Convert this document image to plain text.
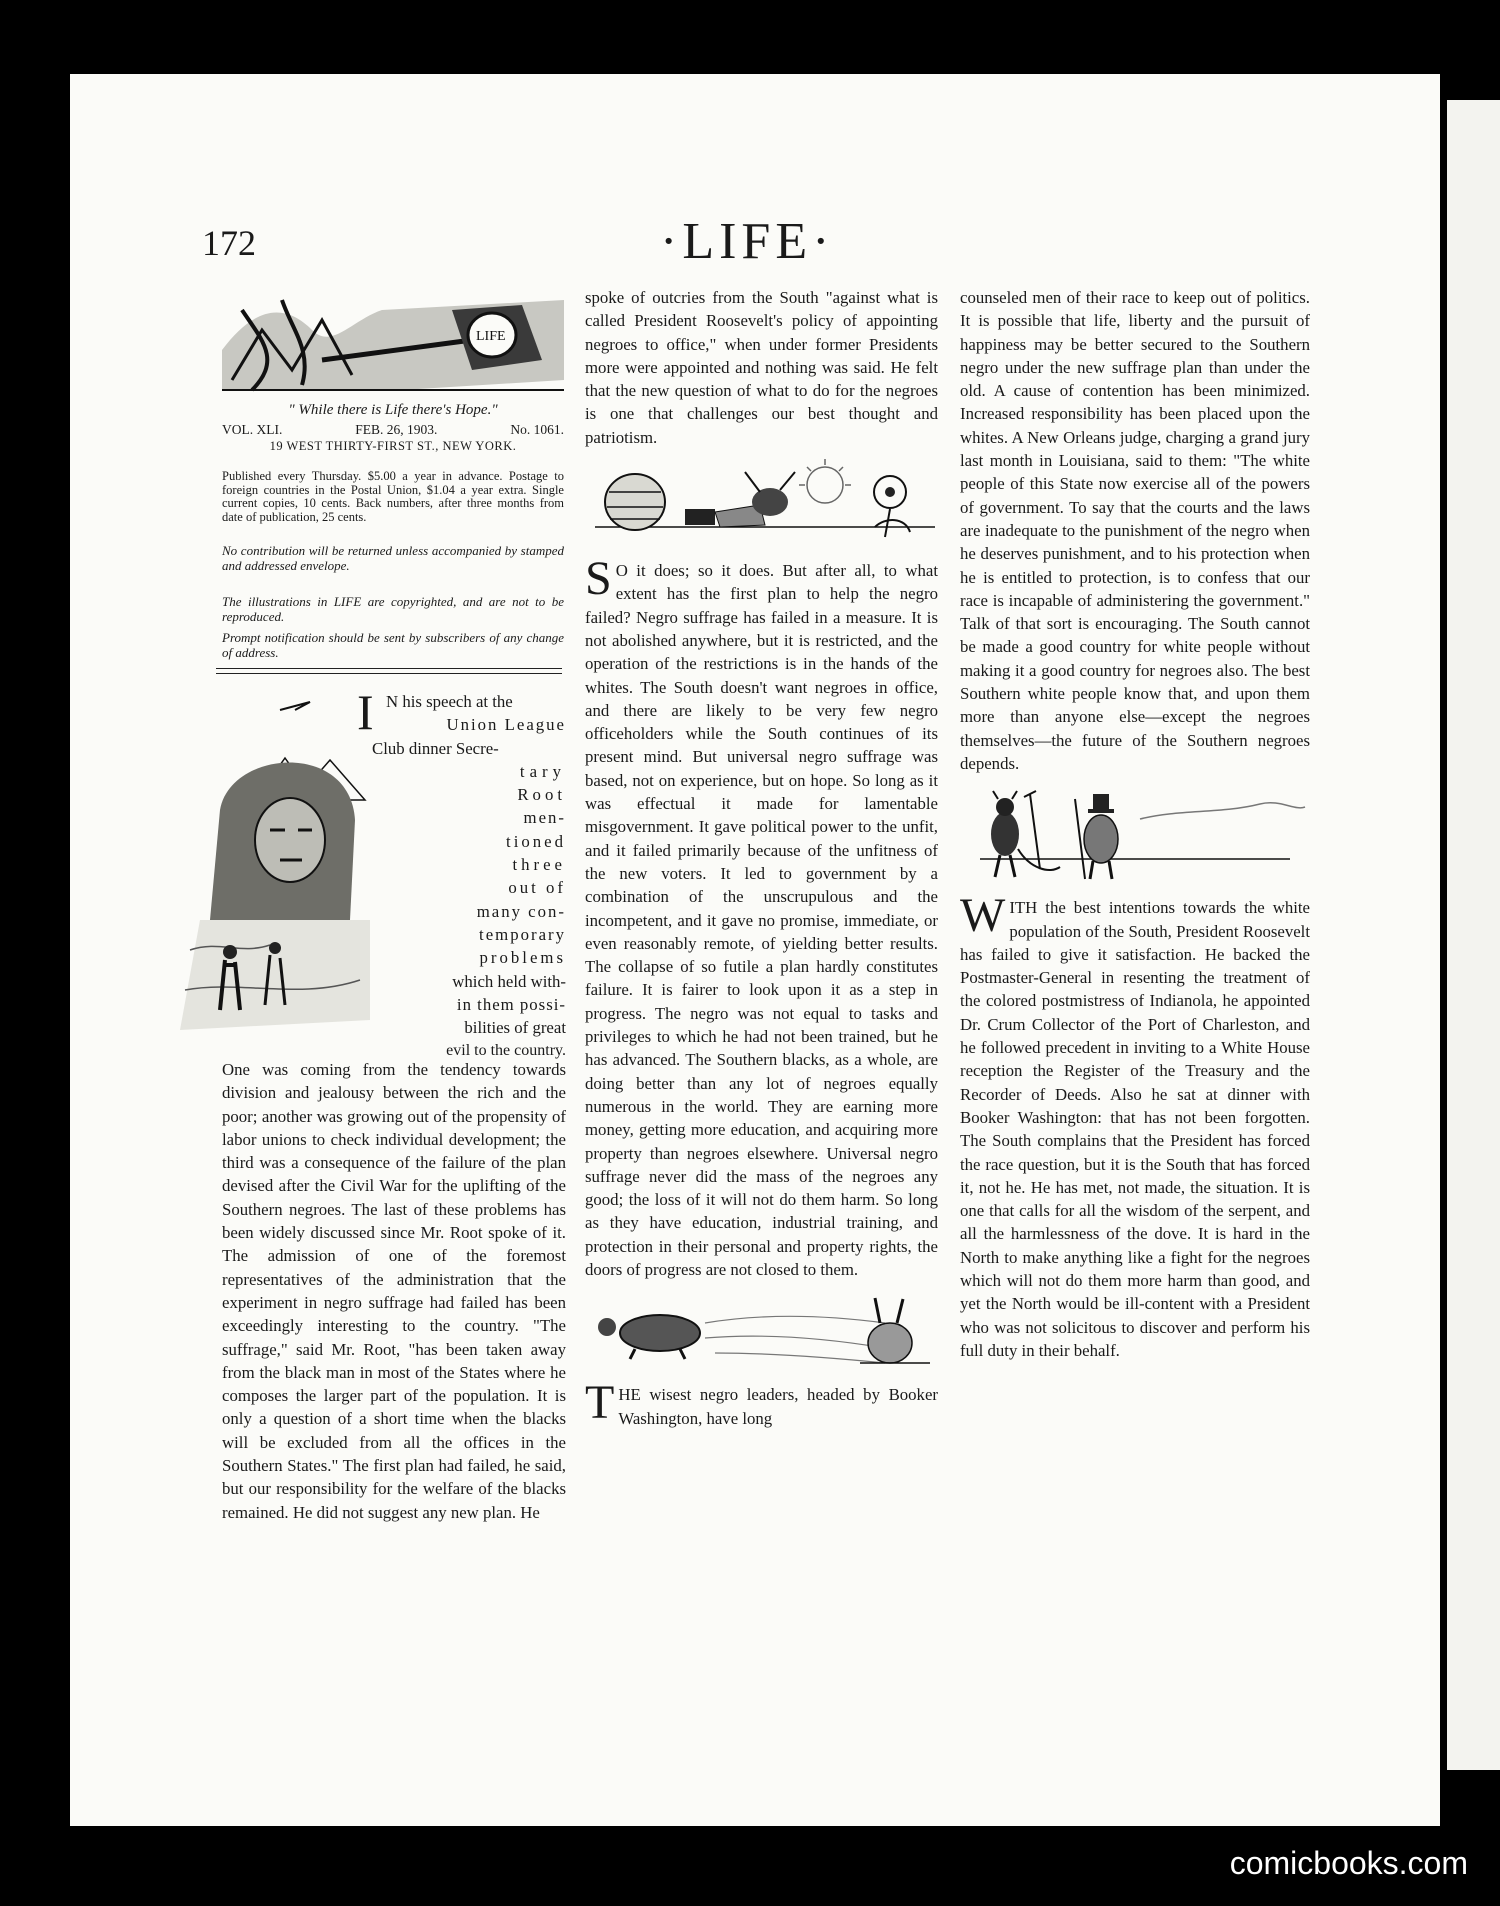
172	·LIFE·
LIFE
" While there is Life there's Hope."
VOL. XLI.	FEB. 26, 1903.	No. 1061.
19 WEST THIRTY-FIRST ST., NEW YORK.
Published every Thursday. $5.00 a year in advance. Postage to foreign countries in the Postal Union, $1.04 a year extra. Single current copies, 10 cents. Back numbers, after three months from date of publication, 25 cents.
No contribution will be returned unless accompanied by stamped and addressed envelope.
The illustrations in LIFE are copyrighted, and are not to be reproduced.
Prompt notification should be sent by subscribers of any change of address.
I N his speech at the
Union League
Club dinner Secre-
tary
Root
men-
tioned
three
out of
many con-
temporary
problems
which held with-
in them possi-
bilities of great
evil to the country.

One was coming from the tendency towards division and jealousy between the rich and the poor; another was growing out of the propensity of labor unions to check individual development; the third was a consequence of the failure of the plan devised after the Civil War for the uplifting of the Southern negroes. The last of these problems has been widely discussed since Mr. Root spoke of it. The admission of one of the foremost representatives of the administration that the experiment in negro suffrage had failed has been exceedingly interesting to the country. "The suffrage," said Mr. Root, "has been taken away from the black man in most of the States where he composes the larger part of the population. It is only a question of a short time when the blacks will be excluded from all the offices in the Southern States." The first plan had failed, he said, but our responsibility for the welfare of the blacks remained. He did not suggest any new plan. He

spoke of outcries from the South "against what is called President Roosevelt's policy of appointing negroes to office," when under former Presidents more were appointed and nothing was said. He felt that the new question of what to do for the negroes is one that challenges our best thought and patriotism.

S O it does; so it does. But after all, to what extent has the first plan to help the negro failed? Negro suffrage has failed in a measure. It is not abolished anywhere, but it is restricted, and the operation of the restrictions is in the hands of the whites. The South doesn't want negroes in office, and there are likely to be very few negro officeholders while the South continues of its present mind. But universal negro suffrage was based, not on experience, but on hope. So long as it was effectual it made for lamentable misgovernment. It gave political power to the unfit, and it failed primarily because of the unfitness of the new voters. It led to government by a combination of the unscrupulous and the incompetent, and it gave no promise, immediate, or even reasonably remote, of yielding better results. The collapse of so futile a plan hardly constitutes failure. It is fairer to look upon it as a step in progress. The negro was not equal to tasks and privileges to which he had not been trained, but he has advanced. The Southern blacks, as a whole, are doing better than any lot of negroes equally numerous in the world. They are earning more money, getting more education, and acquiring more property than negroes elsewhere. Universal negro suffrage never did the mass of the negroes any good; the loss of it will not do them harm. So long as they have education, industrial training, and protection in their personal and property rights, the doors of progress are not closed to them.

THE wisest negro leaders, headed by Booker Washington, have long

counseled men of their race to keep out of politics. It is possible that life, liberty and the pursuit of happiness may be better secured to the Southern negro under the new suffrage plan than under the old. A cause of contention has been minimized. Increased responsibility has been placed upon the whites. A New Orleans judge, charging a grand jury last month in Louisiana, said to them: "The white people of this State now exercise all of the powers of government. To say that the courts and the laws are inadequate to the punishment of the negro when he deserves punishment, and to his protection when he is entitled to protection, is to confess that our race is incapable of administering the government." Talk of that sort is encouraging. The South cannot be made a good country for white people without making it a good country for negroes also. The best Southern white people know that, and upon them more than anyone else—except the negroes themselves—the future of the Southern negroes depends.

WITH the best intentions towards the white population of the South, President Roosevelt has failed to give it satisfaction. He backed the Postmaster-General in resenting the treatment of the colored postmistress of Indianola, he appointed Dr. Crum Collector of the Port of Charleston, and he followed precedent in inviting to a White House reception the Register of the Treasury and the Recorder of Deeds. Also he sat at dinner with Booker Washington: that has not been forgotten. The South complains that the President has forced the race question, but it is the South that has forced it, not he. He has met, not made, the situation. It is one that calls for all the wisdom of the serpent, and all the harmlessness of the dove. It is hard in the North to make anything like a fight for the negroes which will not do them more harm than good, and yet the North would be ill-content with a President who was not solicitous to discover and perform his full duty in their behalf.

comicbooks.com
